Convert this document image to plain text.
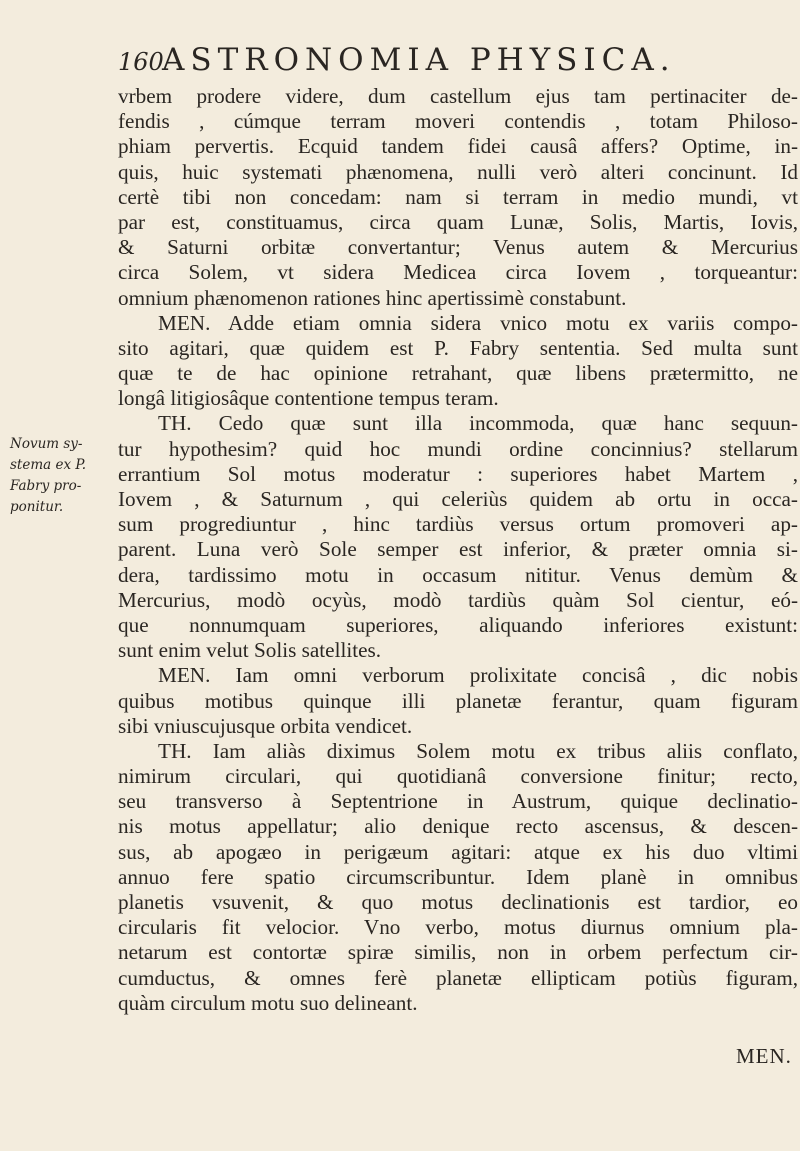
160
ASTRONOMIA PHYSICA.
Novum sy-
stema ex P.
Fabry pro-
ponitur.
vrbem prodere videre, dum castellum ejus tam pertinaciter de-
fendis , cúmque terram moveri contendis , totam Philoso-
phiam pervertis. Ecquid tandem fidei causâ affers? Optime, in-
quis, huic systemati phænomena, nulli verò alteri concinunt. Id
certè tibi non concedam: nam si terram in medio mundi, vt
par est, constituamus, circa quam Lunæ, Solis, Martis, Iovis,
& Saturni orbitæ convertantur; Venus autem & Mercurius
circa Solem, vt sidera Medicea circa Iovem , torqueantur:
omnium phænomenon rationes hinc apertissimè constabunt.
MEN. Adde etiam omnia sidera vnico motu ex variis compo-
sito agitari, quæ quidem est P. Fabry sententia. Sed multa sunt
quæ te de hac opinione retrahant, quæ libens prætermitto, ne
longâ litigiosâque contentione tempus teram.
TH. Cedo quæ sunt illa incommoda, quæ hanc sequun-
tur hypothesim? quid hoc mundi ordine concinnius? stellarum
errantium Sol motus moderatur : superiores habet Martem ,
Iovem , & Saturnum , qui celeriùs quidem ab ortu in occa-
sum progrediuntur , hinc tardiùs versus ortum promoveri ap-
parent. Luna verò Sole semper est inferior, & præter omnia si-
dera, tardissimo motu in occasum nititur. Venus demùm &
Mercurius, modò ocyùs, modò tardiùs quàm Sol cientur, eó-
que nonnumquam superiores, aliquando inferiores existunt:
sunt enim velut Solis satellites.
MEN. Iam omni verborum prolixitate concisâ , dic nobis
quibus motibus quinque illi planetæ ferantur, quam figuram
sibi vniuscujusque orbita vendicet.
TH. Iam aliàs diximus Solem motu ex tribus aliis conflato,
nimirum circulari, qui quotidianâ conversione finitur; recto,
seu transverso à Septentrione in Austrum, quique declinatio-
nis motus appellatur; alio denique recto ascensus, & descen-
sus, ab apogæo in perigæum agitari: atque ex his duo vltimi
annuo fere spatio circumscribuntur. Idem planè in omnibus
planetis vsuvenit, & quo motus declinationis est tardior, eo
circularis fit velocior. Vno verbo, motus diurnus omnium pla-
netarum est contortæ spiræ similis, non in orbem perfectum cir-
cumductus, & omnes ferè planetæ ellipticam potiùs figuram,
quàm circulum motu suo delineant.
MEN.
